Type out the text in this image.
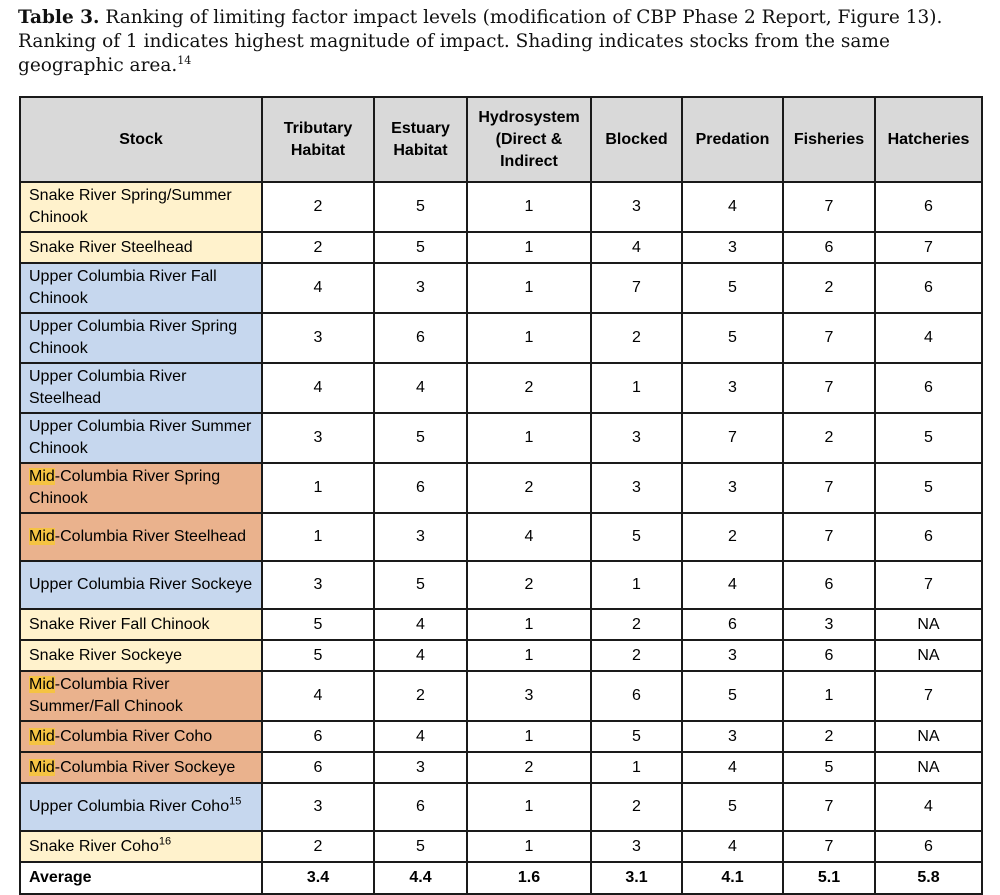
Table 3. Ranking of limiting factor impact levels (modification of CBP Phase 2 Report, Figure 13). Ranking of 1 indicates highest magnitude of impact. Shading indicates stocks from the same geographic area.$^{14}$
Stock	Tributary Habitat	Estuary Habitat	Hydrosystem (Direct & Indirect	Blocked	Predation	Fisheries	Hatcheries
Snake River Spring/Summer Chinook	2	5	1	3	4	7	6
Snake River Steelhead	2	5	1	4	3	6	7
Upper Columbia River Fall Chinook	4	3	1	7	5	2	6
Upper Columbia River Spring Chinook	3	6	1	2	5	7	4
Upper Columbia River Steelhead	4	4	2	1	3	7	6
Upper Columbia River Summer Chinook	3	5	1	3	7	2	5
Mid-Columbia River Spring Chinook	1	6	2	3	3	7	5
Mid-Columbia River Steelhead	1	3	4	5	2	7	6
Upper Columbia River Sockeye	3	5	2	1	4	6	7
Snake River Fall Chinook	5	4	1	2	6	3	NA
Snake River Sockeye	5	4	1	2	3	6	NA
Mid-Columbia River Summer/Fall Chinook	4	2	3	6	5	1	7
Mid-Columbia River Coho	6	4	1	5	3	2	NA
Mid-Columbia River Sockeye	6	3	2	1	4	5	NA
Upper Columbia River Coho$^{15}$	3	6	1	2	5	7	4
Snake River Coho$^{16}$	2	5	1	3	4	7	6
Average	3.4	4.4	1.6	3.1	4.1	5.1	5.8
